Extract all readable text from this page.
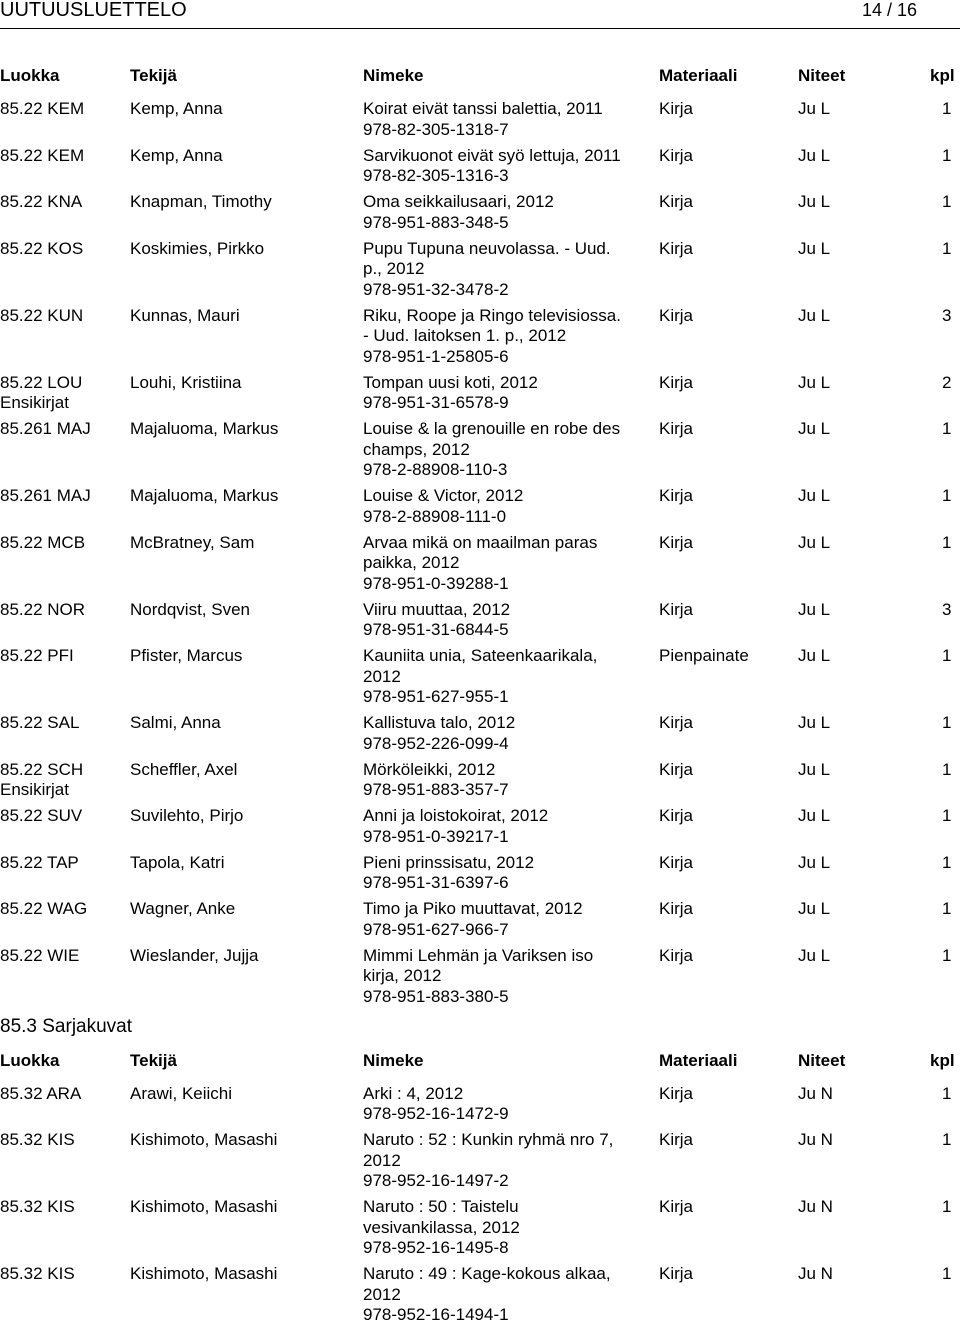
UUTUUSLUETTELO	14 / 16
Luokka	Tekijä	Nimeke	Materiaali	Niteet	kpl
85.22 KEM	Kemp, Anna	Koirat eivät tanssi balettia, 2011
978-82-305-1318-7
Kirja	Ju L	1
85.22 KEM	Kemp, Anna	Sarvikuonot eivät syö lettuja, 2011
978-82-305-1316-3
Kirja	Ju L	1
85.22 KNA	Knapman, Timothy	Oma seikkailusaari, 2012
978-951-883-348-5
Kirja	Ju L	1
85.22 KOS	Koskimies, Pirkko	Pupu Tupuna neuvolassa. - Uud.
p., 2012
978-951-32-3478-2
Kirja	Ju L	1
85.22 KUN	Kunnas, Mauri	Riku, Roope ja Ringo televisiossa.
- Uud. laitoksen 1. p., 2012
978-951-1-25805-6
Kirja	Ju L	3
85.22 LOU
Ensikirjat
Louhi, Kristiina	Tompan uusi koti, 2012
978-951-31-6578-9
Kirja	Ju L	2
85.261 MAJ Majaluoma, Markus	Louise & la grenouille en robe des
champs, 2012
978-2-88908-110-3
Kirja	Ju L	1
85.261 MAJ Majaluoma, Markus	Louise & Victor, 2012
978-2-88908-111-0
Kirja	Ju L	1
85.22 MCB	McBratney, Sam	Arvaa mikä on maailman paras
paikka, 2012
978-951-0-39288-1
Kirja	Ju L	1
85.22 NOR	Nordqvist, Sven	Viiru muuttaa, 2012
978-951-31-6844-5
Kirja	Ju L	3
85.22 PFI	Pfister, Marcus	Kauniita unia, Sateenkaarikala,
2012
978-951-627-955-1
Pienpainate	Ju L	1
85.22 SAL	Salmi, Anna	Kallistuva talo, 2012
978-952-226-099-4
Kirja	Ju L	1
85.22 SCH
Ensikirjat
Scheffler, Axel	Mörköleikki, 2012
978-951-883-357-7
Kirja	Ju L	1
85.22 SUV	Suvilehto, Pirjo	Anni ja loistokoirat, 2012
978-951-0-39217-1
Kirja	Ju L	1
85.22 TAP	Tapola, Katri	Pieni prinssisatu, 2012
978-951-31-6397-6
Kirja	Ju L	1
85.22 WAG	Wagner, Anke	Timo ja Piko muuttavat, 2012
978-951-627-966-7
Kirja	Ju L	1
85.22 WIE	Wieslander, Jujja	Mimmi Lehmän ja Variksen iso
kirja, 2012
978-951-883-380-5
Kirja	Ju L	1
85.3 Sarjakuvat
Luokka	Tekijä	Nimeke	Materiaali	Niteet	kpl
85.32 ARA	Arawi, Keiichi	Arki : 4, 2012
978-952-16-1472-9
Kirja	Ju N	1
85.32 KIS	Kishimoto, Masashi	Naruto : 52 : Kunkin ryhmä nro 7,
2012
978-952-16-1497-2
Kirja	Ju N	1
85.32 KIS	Kishimoto, Masashi	Naruto : 50 : Taistelu
vesivankilassa, 2012
978-952-16-1495-8
Kirja	Ju N	1
85.32 KIS	Kishimoto, Masashi	Naruto : 49 : Kage-kokous alkaa,
2012
978-952-16-1494-1
Kirja	Ju N	1
